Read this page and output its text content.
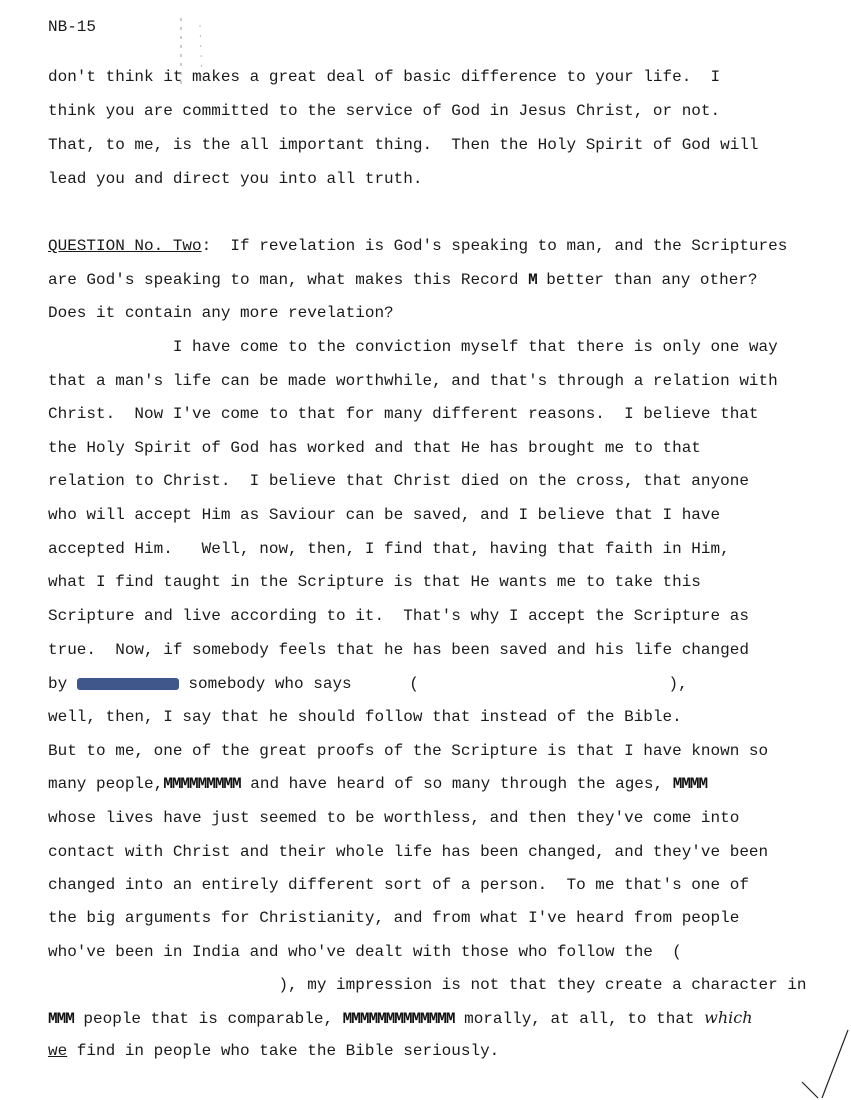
NB-15
don't think it makes a great deal of basic difference to your life.  I
think you are committed to the service of God in Jesus Christ, or not.
That, to me, is the all important thing.  Then the Holy Spirit of God will
lead you and direct you into all truth.
QUESTION No. Two:  If revelation is God's speaking to man, and the Scriptures
are God's speaking to man, what makes this Record M better than any other?
Does it contain any more revelation?
I have come to the conviction myself that there is only one way
that a man's life can be made worthwhile, and that's through a relation with
Christ.  Now I've come to that for many different reasons.  I believe that
the Holy Spirit of God has worked and that He has brought me to that
relation to Christ.  I believe that Christ died on the cross, that anyone
who will accept Him as Saviour can be saved, and I believe that I have
accepted Him.   Well, now, then, I find that, having that faith in Him,
what I find taught in the Scripture is that He wants me to take this
Scripture and live according to it.  That's why I accept the Scripture as
true.  Now, if somebody feels that he has been saved and his life changed
by	somebody who says      (                          ),
well, then, I say that he should follow that instead of the Bible.
But to me, one of the great proofs of the Scripture is that I have known so
many people,MMMMMMMMM and have heard of so many through the ages, MMMM
whose lives have just seemed to be worthless, and then they've come into
contact with Christ and their whole life has been changed, and they've been
changed into an entirely different sort of a person.  To me that's one of
the big arguments for Christianity, and from what I've heard from people
who've been in India and who've dealt with those who follow the  (
), my impression is not that they create a character in
MMM people that is comparable, MMMMMMMMMMMMM morally, at all, to that which
we find in people who take the Bible seriously.
